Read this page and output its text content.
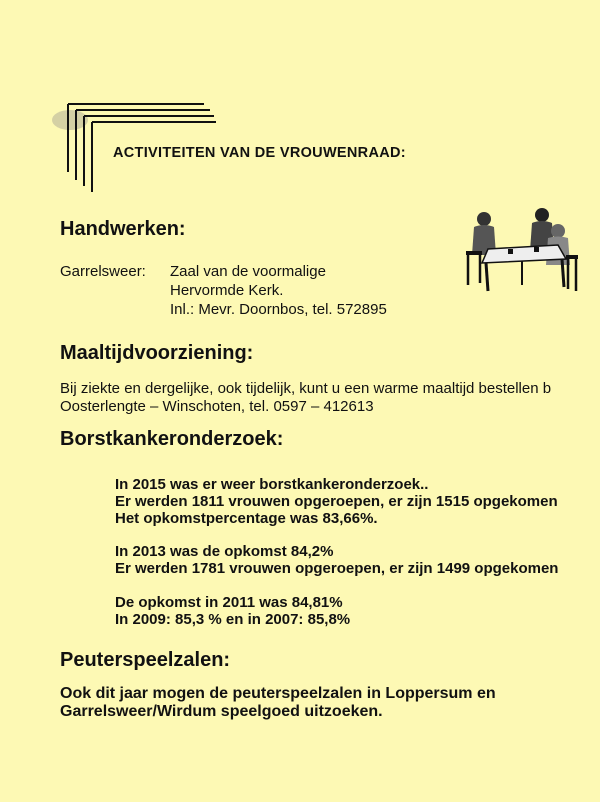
ACTIVITEITEN VAN DE VROUWENRAAD:
Handwerken:
Garrelsweer: Zaal van de voormalige
Hervormde Kerk.
Inl.: Mevr. Doornbos, tel. 572895
Maaltijdvoorziening:
Bij ziekte en dergelijke, ook tijdelijk, kunt u een warme maaltijd bestellen b
Oosterlengte – Winschoten, tel. 0597 – 412613
Borstkankeronderzoek:
In 2015 was er weer borstkankeronderzoek..
Er werden 1811 vrouwen opgeroepen, er zijn 1515 opgekomen
Het opkomstpercentage was 83,66%.
In 2013 was de opkomst 84,2%
Er werden 1781 vrouwen opgeroepen, er zijn 1499 opgekomen
De opkomst in 2011 was 84,81%
In 2009: 85,3 % en in 2007: 85,8%
Peuterspeelzalen:
Ook dit jaar mogen de peuterspeelzalen in Loppersum en
Garrelsweer/Wirdum speelgoed uitzoeken.
